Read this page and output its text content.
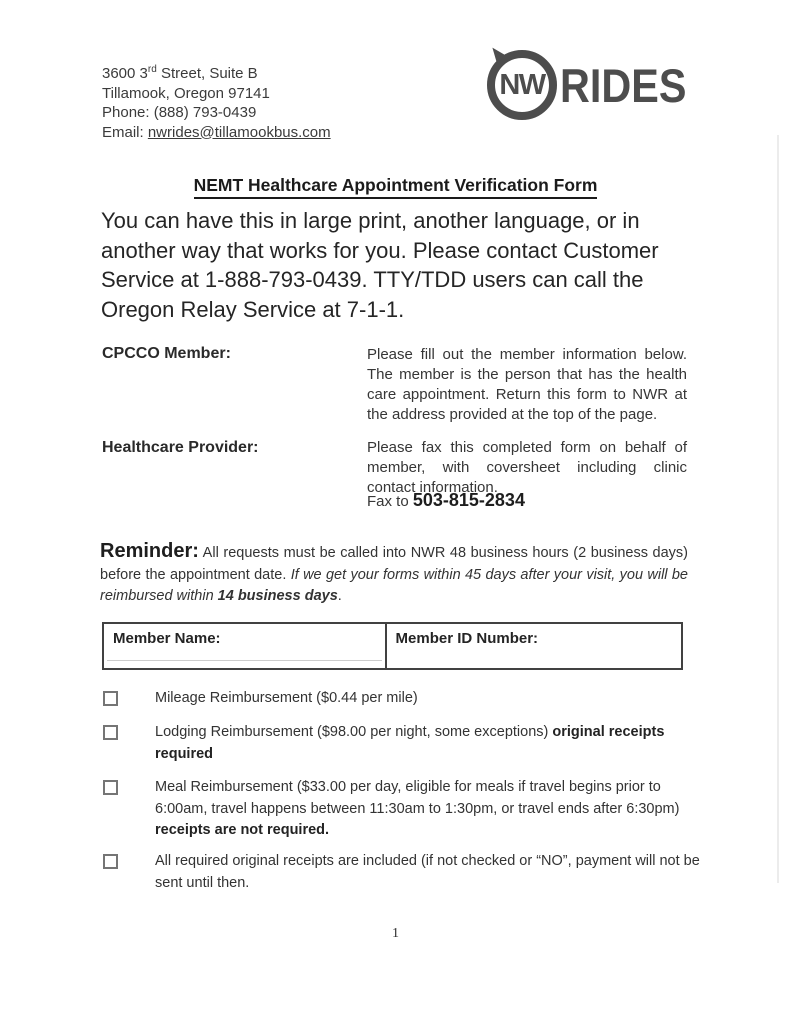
3600 3rd Street, Suite B
Tillamook, Oregon 97141
Phone: (888) 793-0439
Email: nwrides@tillamookbus.com
NW RIDES
NEMT Healthcare Appointment Verification Form
You can have this in large print, another language, or in another way that works for you. Please contact Customer Service at 1-888-793-0439. TTY/TDD users can call the Oregon Relay Service at 7-1-1.
CPCCO Member:	Please fill out the member information below. The member is the person that has the health care appointment. Return this form to NWR at the address provided at the top of the page.
Healthcare Provider:	Please fax this completed form on behalf of member, with coversheet including clinic contact information.
Fax to 503-815-2834
Reminder: All requests must be called into NWR 48 business hours (2 business days) before the appointment date. If we get your forms within 45 days after your visit, you will be reimbursed within 14 business days.
Member Name:	Member ID Number:
Mileage Reimbursement ($0.44 per mile)
Lodging Reimbursement ($98.00 per night, some exceptions) original receipts required
Meal Reimbursement ($33.00 per day, eligible for meals if travel begins prior to 6:00am, travel happens between 11:30am to 1:30pm, or travel ends after 6:30pm) receipts are not required.
All required original receipts are included (if not checked or “NO”, payment will not be sent until then.
1
